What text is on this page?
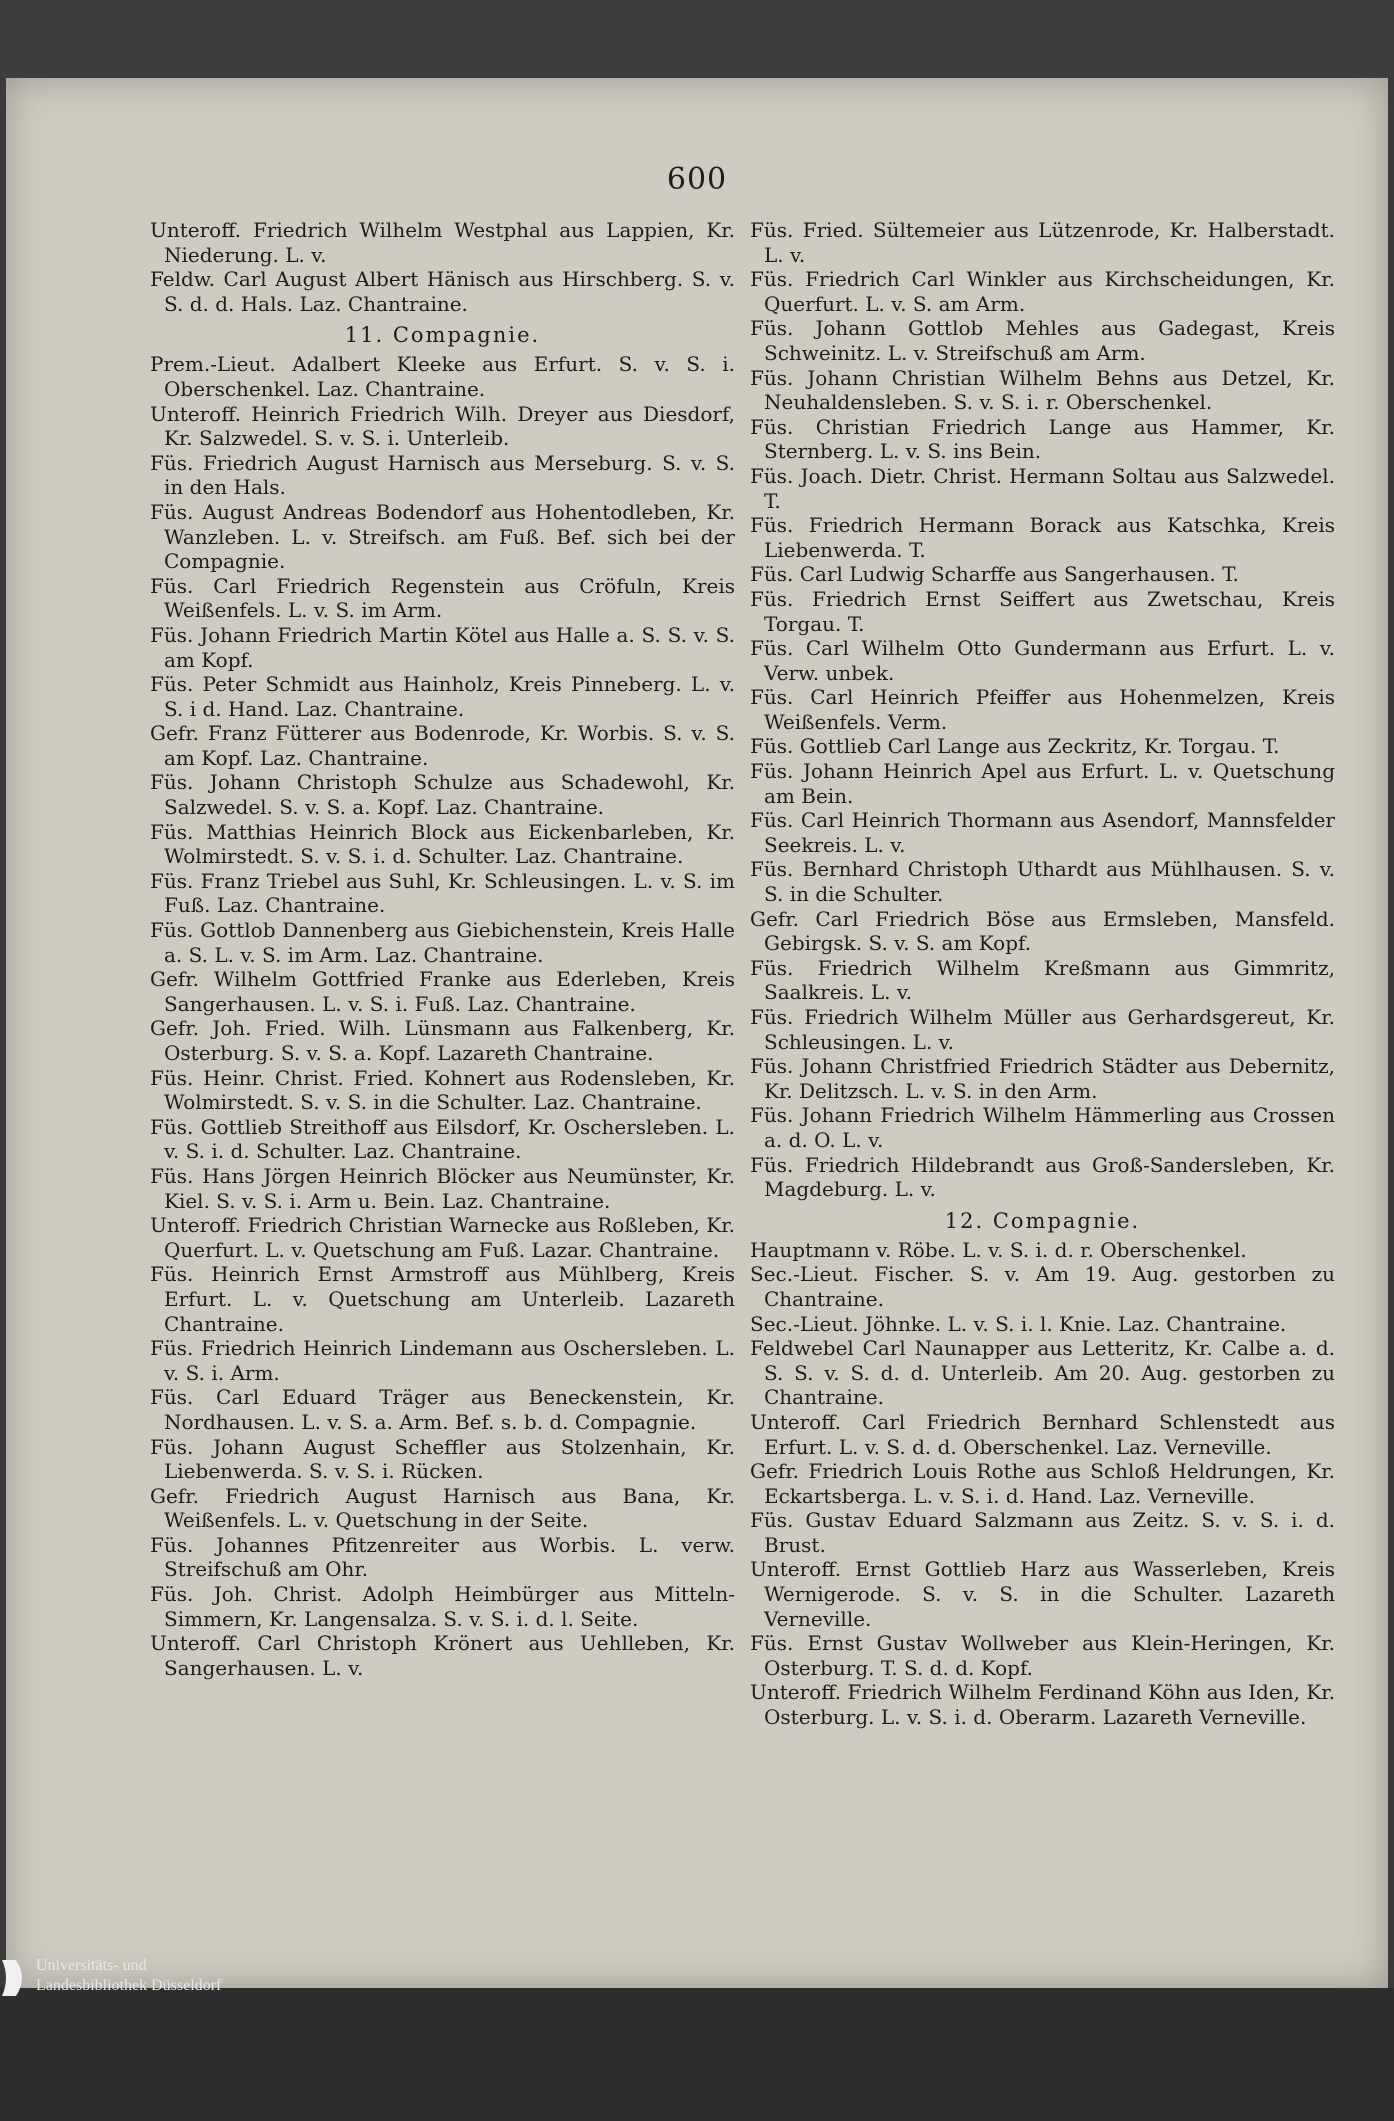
600

Unteroff. Friedrich Wilhelm Westphal aus Lappien, Kr. Niederung. L. v.

Feldw. Carl August Albert Hänisch aus Hirschberg. S. v. S. d. d. Hals. Laz. Chantraine.

11. Compagnie.

Prem.-Lieut. Adalbert Kleeke aus Erfurt. S. v. S. i. Oberschenkel. Laz. Chantraine.

Unteroff. Heinrich Friedrich Wilh. Dreyer aus Diesdorf, Kr. Salzwedel. S. v. S. i. Unterleib.

Füs. Friedrich August Harnisch aus Merseburg. S. v. S. in den Hals.

Füs. August Andreas Bodendorf aus Hohentodleben, Kr. Wanzleben. L. v. Streifsch. am Fuß. Bef. sich bei der Compagnie.

Füs. Carl Friedrich Regenstein aus Cröfuln, Kreis Weißenfels. L. v. S. im Arm.

Füs. Johann Friedrich Martin Kötel aus Halle a. S. S. v. S. am Kopf.

Füs. Peter Schmidt aus Hainholz, Kreis Pinneberg. L. v. S. i d. Hand. Laz. Chantraine.

Gefr. Franz Fütterer aus Bodenrode, Kr. Worbis. S. v. S. am Kopf. Laz. Chantraine.

Füs. Johann Christoph Schulze aus Schadewohl, Kr. Salzwedel. S. v. S. a. Kopf. Laz. Chantraine.

Füs. Matthias Heinrich Block aus Eickenbarleben, Kr. Wolmirstedt. S. v. S. i. d. Schulter. Laz. Chantraine.

Füs. Franz Triebel aus Suhl, Kr. Schleusingen. L. v. S. im Fuß. Laz. Chantraine.

Füs. Gottlob Dannenberg aus Giebichenstein, Kreis Halle a. S. L. v. S. im Arm. Laz. Chantraine.

Gefr. Wilhelm Gottfried Franke aus Ederleben, Kreis Sangerhausen. L. v. S. i. Fuß. Laz. Chantraine.

Gefr. Joh. Fried. Wilh. Lünsmann aus Falkenberg, Kr. Osterburg. S. v. S. a. Kopf. Lazareth Chantraine.

Füs. Heinr. Christ. Fried. Kohnert aus Rodensleben, Kr. Wolmirstedt. S. v. S. in die Schulter. Laz. Chantraine.

Füs. Gottlieb Streithoff aus Eilsdorf, Kr. Oschersleben. L. v. S. i. d. Schulter. Laz. Chantraine.

Füs. Hans Jörgen Heinrich Blöcker aus Neumünster, Kr. Kiel. S. v. S. i. Arm u. Bein. Laz. Chantraine.

Unteroff. Friedrich Christian Warnecke aus Roßleben, Kr. Querfurt. L. v. Quetschung am Fuß. Lazar. Chantraine.

Füs. Heinrich Ernst Armstroff aus Mühlberg, Kreis Erfurt. L. v. Quetschung am Unterleib. Lazareth Chantraine.

Füs. Friedrich Heinrich Lindemann aus Oschersleben. L. v. S. i. Arm.

Füs. Carl Eduard Träger aus Beneckenstein, Kr. Nordhausen. L. v. S. a. Arm. Bef. s. b. d. Compagnie.

Füs. Johann August Scheffler aus Stolzenhain, Kr. Liebenwerda. S. v. S. i. Rücken.

Gefr. Friedrich August Harnisch aus Bana, Kr. Weißenfels. L. v. Quetschung in der Seite.

Füs. Johannes Pfitzenreiter aus Worbis. L. verw. Streifschuß am Ohr.

Füs. Joh. Christ. Adolph Heimbürger aus Mitteln-Simmern, Kr. Langensalza. S. v. S. i. d. l. Seite.

Unteroff. Carl Christoph Krönert aus Uehlleben, Kr. Sangerhausen. L. v.

Füs. Fried. Sültemeier aus Lützenrode, Kr. Halberstadt. L. v.

Füs. Friedrich Carl Winkler aus Kirchscheidungen, Kr. Querfurt. L. v. S. am Arm.

Füs. Johann Gottlob Mehles aus Gadegast, Kreis Schweinitz. L. v. Streifschuß am Arm.

Füs. Johann Christian Wilhelm Behns aus Detzel, Kr. Neuhaldensleben. S. v. S. i. r. Oberschenkel.

Füs. Christian Friedrich Lange aus Hammer, Kr. Sternberg. L. v. S. ins Bein.

Füs. Joach. Dietr. Christ. Hermann Soltau aus Salzwedel. T.

Füs. Friedrich Hermann Borack aus Katschka, Kreis Liebenwerda. T.

Füs. Carl Ludwig Scharffe aus Sangerhausen. T.

Füs. Friedrich Ernst Seiffert aus Zwetschau, Kreis Torgau. T.

Füs. Carl Wilhelm Otto Gundermann aus Erfurt. L. v. Verw. unbek.

Füs. Carl Heinrich Pfeiffer aus Hohenmelzen, Kreis Weißenfels. Verm.

Füs. Gottlieb Carl Lange aus Zeckritz, Kr. Torgau. T.

Füs. Johann Heinrich Apel aus Erfurt. L. v. Quetschung am Bein.

Füs. Carl Heinrich Thormann aus Asendorf, Mannsfelder Seekreis. L. v.

Füs. Bernhard Christoph Uthardt aus Mühlhausen. S. v. S. in die Schulter.

Gefr. Carl Friedrich Böse aus Ermsleben, Mansfeld. Gebirgsk. S. v. S. am Kopf.

Füs. Friedrich Wilhelm Kreßmann aus Gimmritz, Saalkreis. L. v.

Füs. Friedrich Wilhelm Müller aus Gerhardsgereut, Kr. Schleusingen. L. v.

Füs. Johann Christfried Friedrich Städter aus Debernitz, Kr. Delitzsch. L. v. S. in den Arm.

Füs. Johann Friedrich Wilhelm Hämmerling aus Crossen a. d. O. L. v.

Füs. Friedrich Hildebrandt aus Groß-Sandersleben, Kr. Magdeburg. L. v.

12. Compagnie.

Hauptmann v. Röbe. L. v. S. i. d. r. Oberschenkel.

Sec.-Lieut. Fischer. S. v. Am 19. Aug. gestorben zu Chantraine.

Sec.-Lieut. Jöhnke. L. v. S. i. l. Knie. Laz. Chantraine.

Feldwebel Carl Naunapper aus Letteritz, Kr. Calbe a. d. S. S. v. S. d. d. Unterleib. Am 20. Aug. gestorben zu Chantraine.

Unteroff. Carl Friedrich Bernhard Schlenstedt aus Erfurt. L. v. S. d. d. Oberschenkel. Laz. Verneville.

Gefr. Friedrich Louis Rothe aus Schloß Heldrungen, Kr. Eckartsberga. L. v. S. i. d. Hand. Laz. Verneville.

Füs. Gustav Eduard Salzmann aus Zeitz. S. v. S. i. d. Brust.

Unteroff. Ernst Gottlieb Harz aus Wasserleben, Kreis Wernigerode. S. v. S. in die Schulter. Lazareth Verneville.

Füs. Ernst Gustav Wollweber aus Klein-Heringen, Kr. Osterburg. T. S. d. d. Kopf.

Unteroff. Friedrich Wilhelm Ferdinand Köhn aus Iden, Kr. Osterburg. L. v. S. i. d. Oberarm. Lazareth Verneville.

Universitäts- und
Landesbibliothek Düsseldorf
